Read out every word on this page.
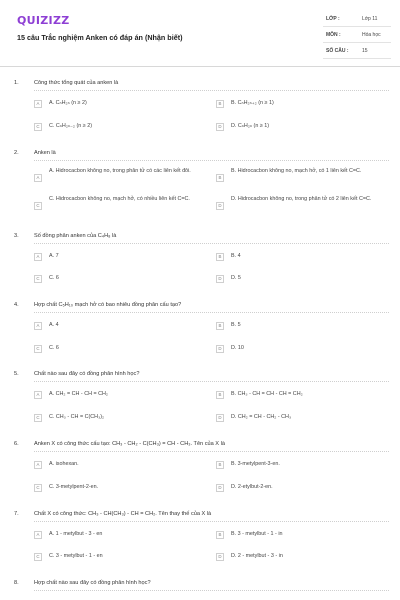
QUIZIZZ
15 câu Trắc nghiệm Anken có đáp án (Nhận biết)
LỚP :	Lớp 11
MÔN :	Hóa học
SỐ CÂU :	15
1.	Công thức tổng quát của anken là
A	A. CₙH₂ₙ (n ≥ 2)	B	B. CₙH₂ₙ₊₂ (n ≥ 1)
C	C. CₙH₂ₙ₋₂ (n ≥ 2)	D	D. CₙH₂ₙ (n ≥ 1)
2.	Anken là
A
A. Hidrocacbon không no, trong phân tử có các liên kết đôi.
B
B. Hidrocacbon không no, mạch hở, có 1 liên kết C=C.
C
C. Hidrocacbon không no, mạch hở, có nhiều liên kết C=C.
D
D. Hidrocacbon không no, trong phân tử có 2 liên kết C=C.
3.	Số đồng phân anken của C₄H₈ là
A	A. 7	B	B. 4
C	C. 6	D	D. 5
4.	Hợp chất C₅H₁₀ mạch hở có bao nhiêu đồng phân cấu tạo?
A	A. 4	B	B. 5
C	C. 6	D	D. 10
5.	Chất nào sau đây có đồng phân hình học?
A	A. CH₂ = CH - CH = CH₂	B	B. CH₃ - CH = CH - CH = CH₂
C	C. CH₃ - CH = C(CH₃)₂	D	D. CH₂ = CH - CH₂ - CH₃
6.	Anken X có công thức cấu tạo: CH₃ - CH₂ - C(CH₃) = CH - CH₃. Tên của X là
A	A. isohexan.	B	B. 3-metylpent-3-en.
C	C. 3-metylpent-2-en.	D	D. 2-etylbut-2-en.
7.	Chất X có công thức: CH₃ - CH(CH₃) - CH = CH₂. Tên thay thế của X là
A	A. 1 - metylbut - 3 - en	B	B. 3 - metylbut - 1 - in
C	C. 3 - metylbut - 1 - en	D	D. 2 - metylbut - 3 - in
8.	Hợp chất nào sau đây có đồng phân hình học?
